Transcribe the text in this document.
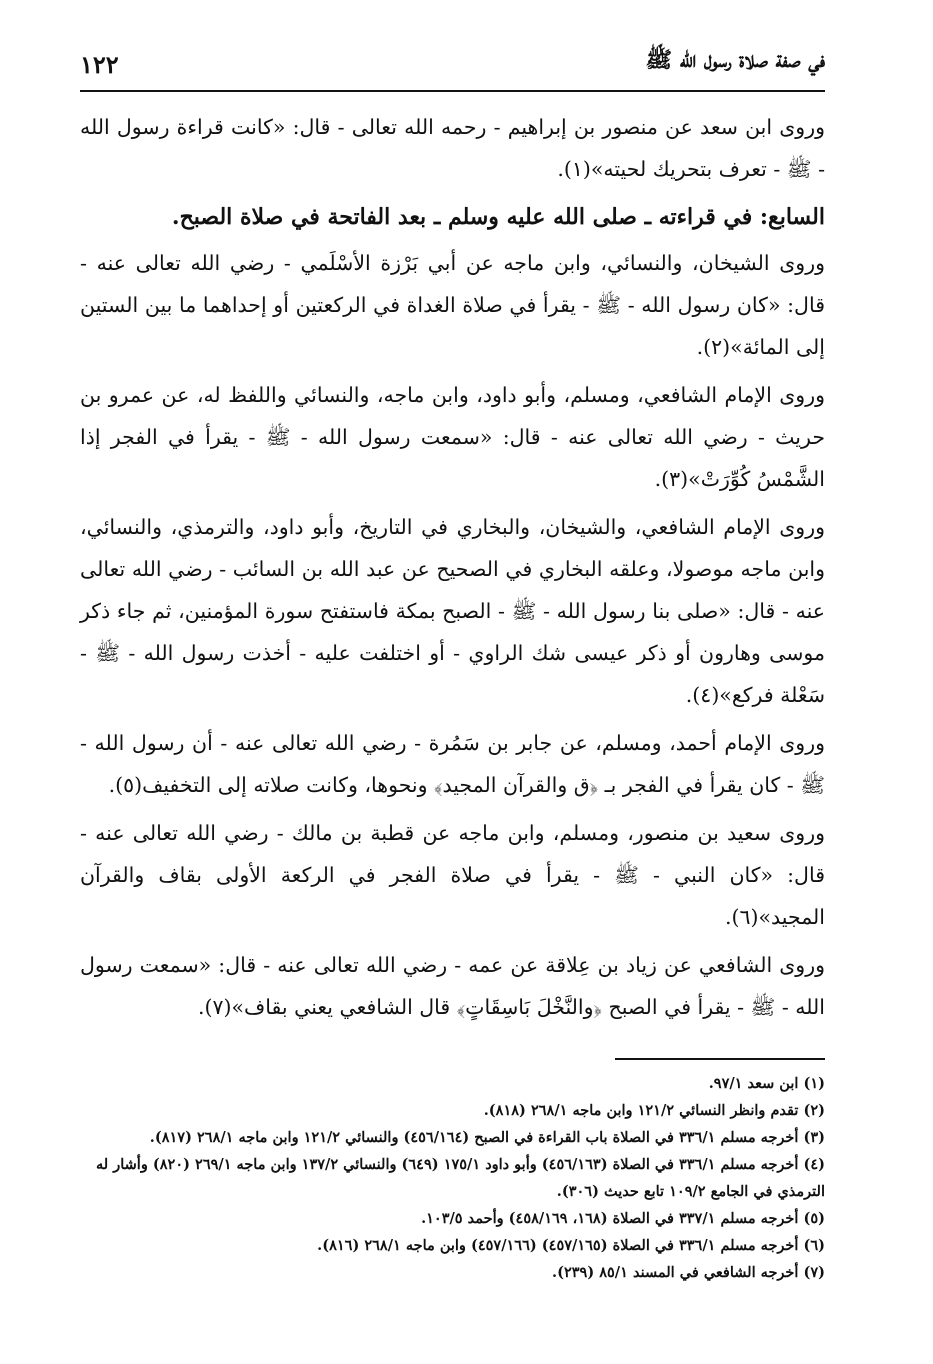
في صفة صلاة رسول الله ﷺ
١٢٢

وروى ابن سعد عن منصور بن إبراهيم - رحمه الله تعالى - قال: «كانت قراءة رسول الله - ﷺ - تعرف بتحريك لحيته»(١).

السابع: في قراءته ـ صلى الله عليه وسلم ـ بعد الفاتحة في صلاة الصبح.

وروى الشيخان، والنسائي، وابن ماجه عن أبي بَرْزة الأسْلَمي - رضي الله تعالى عنه - قال: «كان رسول الله - ﷺ - يقرأ في صلاة الغداة في الركعتين أو إحداهما ما بين الستين إلى المائة»(٢).

وروى الإمام الشافعي، ومسلم، وأبو داود، وابن ماجه، والنسائي واللفظ له، عن عمرو بن حريث - رضي الله تعالى عنه - قال: «سمعت رسول الله - ﷺ - يقرأ في الفجر إذا الشَّمْسُ كُوِّرَتْ»(٣).

وروى الإمام الشافعي، والشيخان، والبخاري في التاريخ، وأبو داود، والترمذي، والنسائي، وابن ماجه موصولا، وعلقه البخاري في الصحيح عن عبد الله بن السائب - رضي الله تعالى عنه - قال: «صلى بنا رسول الله - ﷺ - الصبح بمكة فاستفتح سورة المؤمنين، ثم جاء ذكر موسى وهارون أو ذكر عيسى شك الراوي - أو اختلفت عليه - أخذت رسول الله - ﷺ - سَعْلة فركع»(٤).

وروى الإمام أحمد، ومسلم، عن جابر بن سَمُرة - رضي الله تعالى عنه - أن رسول الله - ﷺ - كان يقرأ في الفجر بـ ﴿ق والقرآن المجيد﴾ ونحوها، وكانت صلاته إلى التخفيف(٥).

وروى سعيد بن منصور، ومسلم، وابن ماجه عن قطبة بن مالك - رضي الله تعالى عنه - قال: «كان النبي - ﷺ - يقرأ في صلاة الفجر في الركعة الأولى بقاف والقرآن المجيد»(٦).

وروى الشافعي عن زياد بن عِلاقة عن عمه - رضي الله تعالى عنه - قال: «سمعت رسول الله - ﷺ - يقرأ في الصبح ﴿والنَّخْلَ بَاسِقَاتٍ﴾ قال الشافعي يعني بقاف»(٧).

(١) ابن سعد ٩٧/١.

(٢) تقدم وانظر النسائي ١٢١/٢ وابن ماجه ٢٦٨/١ (٨١٨).

(٣) أخرجه مسلم ٣٣٦/١ في الصلاة باب القراءة في الصبح (٤٥٦/١٦٤) والنسائي ١٢١/٢ وابن ماجه ٢٦٨/١ (٨١٧).

(٤) أخرجه مسلم ٣٣٦/١ في الصلاة (٤٥٦/١٦٣) وأبو داود ١٧٥/١ (٦٤٩) والنسائي ١٣٧/٢ وابن ماجه ٢٦٩/١ (٨٢٠) وأشار له الترمذي في الجامع ١٠٩/٢ تابع حديث (٣٠٦).

(٥) أخرجه مسلم ٣٣٧/١ في الصلاة (١٦٨، ٤٥٨/١٦٩) وأحمد ١٠٣/٥.

(٦) أخرجه مسلم ٣٣٦/١ في الصلاة (٤٥٧/١٦٥) (٤٥٧/١٦٦) وابن ماجه ٢٦٨/١ (٨١٦).

(٧) أخرجه الشافعي في المسند ٨٥/١ (٢٣٩).
